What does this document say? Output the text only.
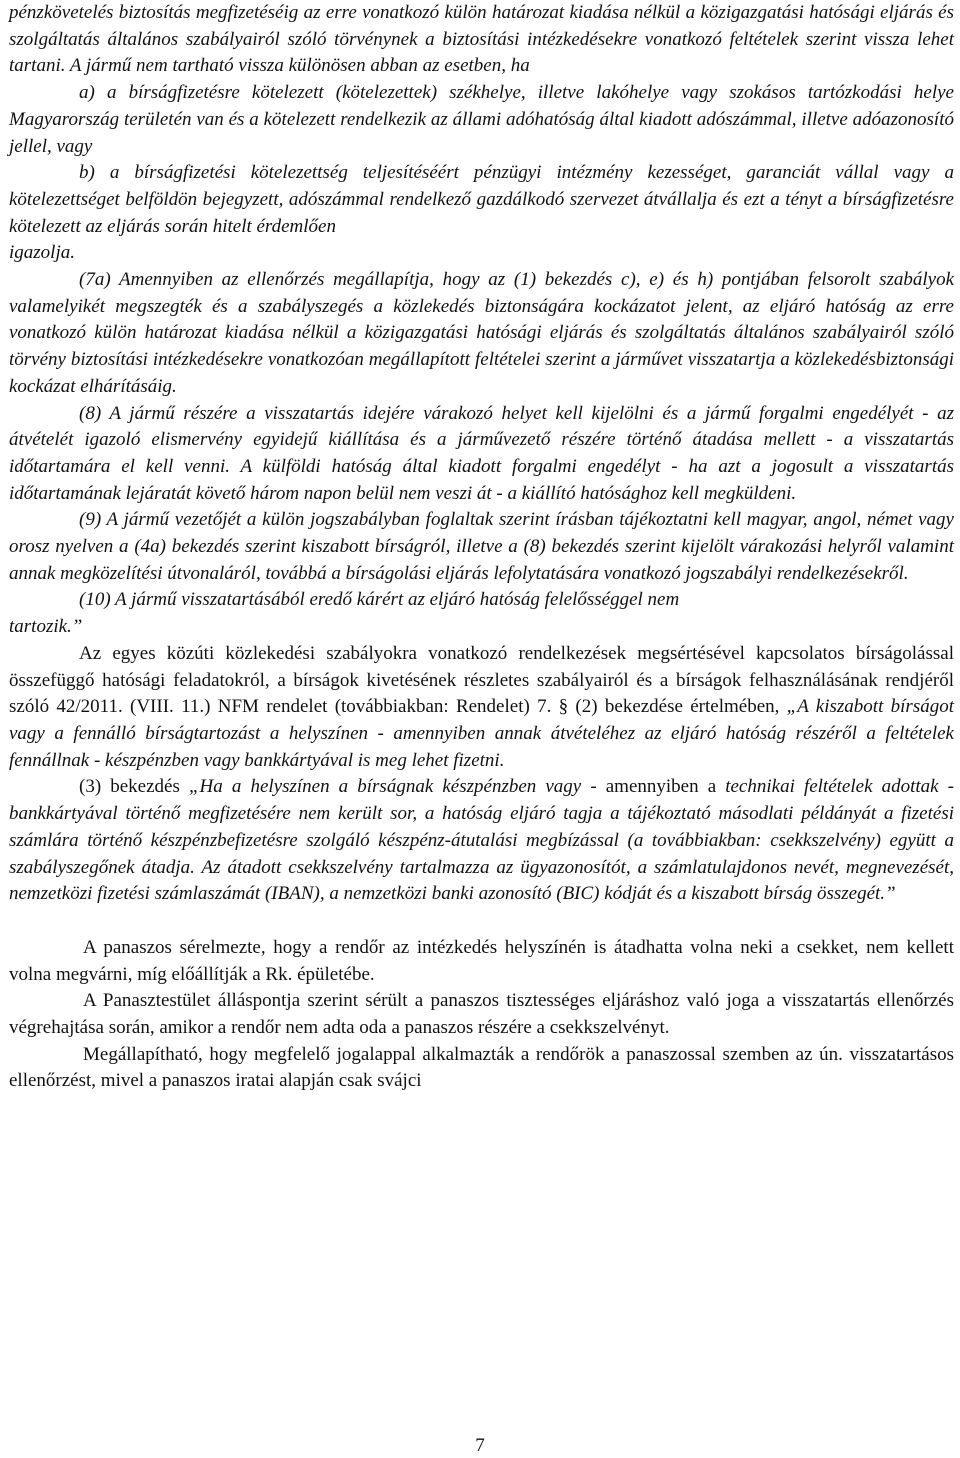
pénzkövetelés biztosítás megfizetéséig az erre vonatkozó külön határozat kiadása nélkül a közigazgatási hatósági eljárás és szolgáltatás általános szabályairól szóló törvénynek a biztosítási intézkedésekre vonatkozó feltételek szerint vissza lehet tartani. A jármű nem tartható vissza különösen abban az esetben, ha

a) a bírságfizetésre kötelezett (kötelezettek) székhelye, illetve lakóhelye vagy szokásos tartózkodási helye Magyarország területén van és a kötelezett rendelkezik az állami adóhatóság által kiadott adószámmal, illetve adóazonosító jellel, vagy

b) a bírságfizetési kötelezettség teljesítéséért pénzügyi intézmény kezességet, garanciát vállal vagy a kötelezettséget belföldön bejegyzett, adószámmal rendelkező gazdálkodó szervezet átvállalja és ezt a tényt a bírságfizetésre kötelezett az eljárás során hitelt érdemlően

igazolja.

(7a) Amennyiben az ellenőrzés megállapítja, hogy az (1) bekezdés c), e) és h) pontjában felsorolt szabályok valamelyikét megszegték és a szabályszegés a közlekedés biztonságára kockázatot jelent, az eljáró hatóság az erre vonatkozó külön határozat kiadása nélkül a közigazgatási hatósági eljárás és szolgáltatás általános szabályairól szóló törvény biztosítási intézkedésekre vonatkozóan megállapított feltételei szerint a járművet visszatartja a közlekedésbiztonsági kockázat elhárításáig.

(8) A jármű részére a visszatartás idejére várakozó helyet kell kijelölni és a jármű forgalmi engedélyét - az átvételét igazoló elismervény egyidejű kiállítása és a járművezető részére történő átadása mellett - a visszatartás időtartamára el kell venni. A külföldi hatóság által kiadott forgalmi engedélyt - ha azt a jogosult a visszatartás időtartamának lejáratát követő három napon belül nem veszi át - a kiállító hatósághoz kell megküldeni.

(9) A jármű vezetőjét a külön jogszabályban foglaltak szerint írásban tájékoztatni kell magyar, angol, német vagy orosz nyelven a (4a) bekezdés szerint kiszabott bírságról, illetve a (8) bekezdés szerint kijelölt várakozási helyről valamint annak megközelítési útvonaláról, továbbá a bírságolási eljárás lefolytatására vonatkozó jogszabályi rendelkezésekről.

(10) A jármű visszatartásából eredő kárért az eljáró hatóság felelősséggel nem

tartozik.”

Az egyes közúti közlekedési szabályokra vonatkozó rendelkezések megsértésével kapcsolatos bírságolással összefüggő hatósági feladatokról, a bírságok kivetésének részletes szabályairól és a bírságok felhasználásának rendjéről szóló 42/2011. (VIII. 11.) NFM rendelet (továbbiakban: Rendelet) 7. § (2) bekezdése értelmében, „A kiszabott bírságot vagy a fennálló bírságtartozást a helyszínen - amennyiben annak átvételéhez az eljáró hatóság részéről a feltételek fennállnak - készpénzben vagy bankkártyával is meg lehet fizetni.

(3) bekezdés „Ha a helyszínen a bírságnak készpénzben vagy - amennyiben a technikai feltételek adottak - bankkártyával történő megfizetésére nem került sor, a hatóság eljáró tagja a tájékoztató másodlati példányát a fizetési számlára történő készpénzbefizetésre szolgáló készpénz-átutalási megbízással (a továbbiakban: csekkszelvény) együtt a szabályszegőnek átadja. Az átadott csekkszelvény tartalmazza az ügyazonosítót, a számlatulajdonos nevét, megnevezését, nemzetközi fizetési számlaszámát (IBAN), a nemzetközi banki azonosító (BIC) kódját és a kiszabott bírság összegét.”

A panaszos sérelmezte, hogy a rendőr az intézkedés helyszínén is átadhatta volna neki a csekket, nem kellett volna megvárni, míg előállítják a Rk. épületébe.

A Panasztestület álláspontja szerint sérült a panaszos tisztességes eljáráshoz való joga a visszatartás ellenőrzés végrehajtása során, amikor a rendőr nem adta oda a panaszos részére a csekkszelvényt.

Megállapítható, hogy megfelelő jogalappal alkalmazták a rendőrök a panaszossal szemben az ún. visszatartásos ellenőrzést, mivel a panaszos iratai alapján csak svájci

7
